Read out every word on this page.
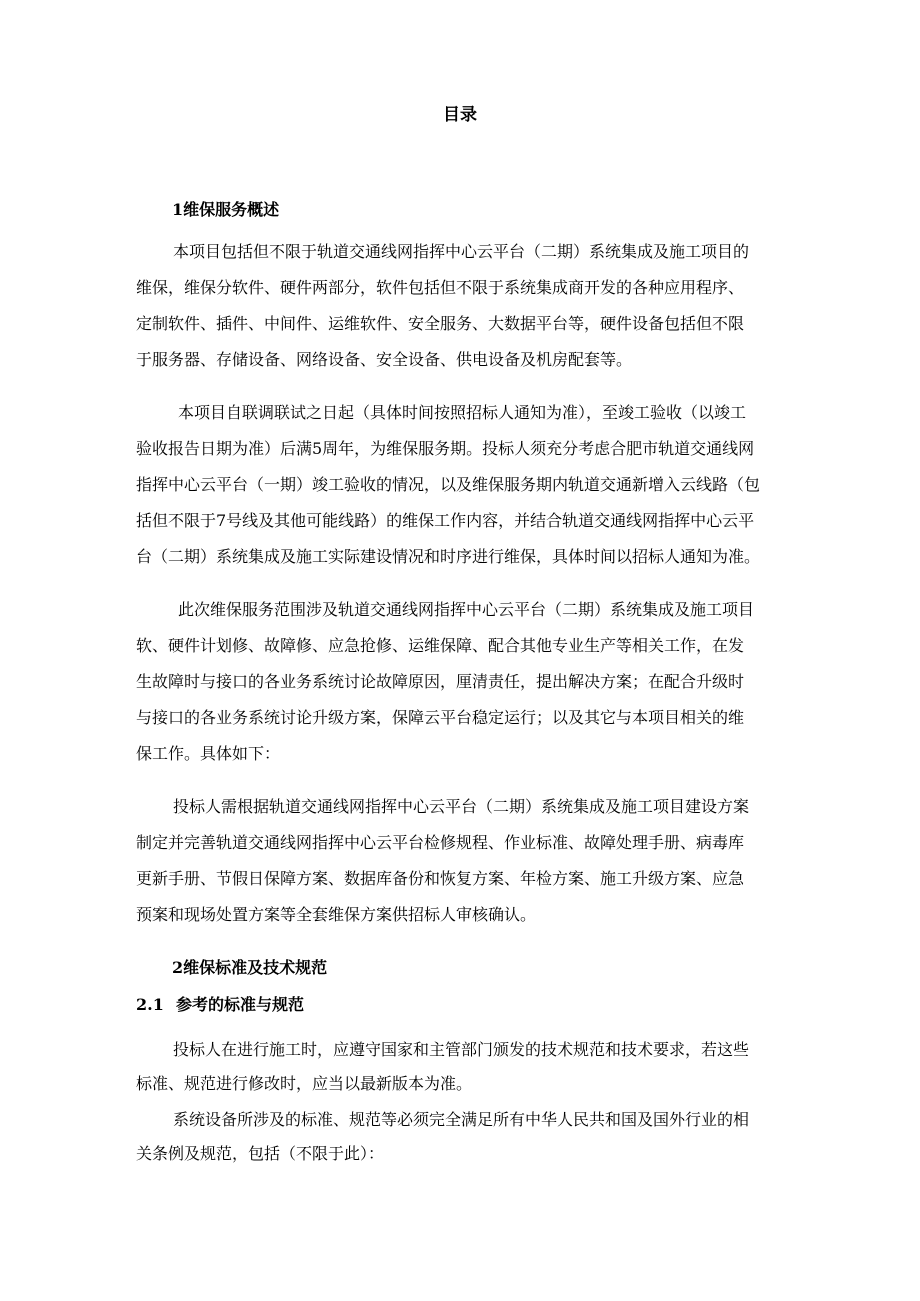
目录
1维保服务概述
本项目包括但不限于轨道交通线网指挥中心云平台（二期）系统集成及施工项目的
维保，维保分软件、硬件两部分，软件包括但不限于系统集成商开发的各种应用程序、
定制软件、插件、中间件、运维软件、安全服务、大数据平台等，硬件设备包括但不限
于服务器、存储设备、网络设备、安全设备、供电设备及机房配套等。
本项目自联调联试之日起（具体时间按照招标人通知为准），至竣工验收（以竣工
验收报告日期为准）后满5周年，为维保服务期。投标人须充分考虑合肥市轨道交通线网
指挥中心云平台（一期）竣工验收的情况，以及维保服务期内轨道交通新增入云线路（包
括但不限于7号线及其他可能线路）的维保工作内容，并结合轨道交通线网指挥中心云平
台（二期）系统集成及施工实际建设情况和时序进行维保，具体时间以招标人通知为准。
此次维保服务范围涉及轨道交通线网指挥中心云平台（二期）系统集成及施工项目
软、硬件计划修、故障修、应急抢修、运维保障、配合其他专业生产等相关工作，在发
生故障时与接口的各业务系统讨论故障原因，厘清责任，提出解决方案；在配合升级时
与接口的各业务系统讨论升级方案，保障云平台稳定运行；以及其它与本项目相关的维
保工作。具体如下：
投标人需根据轨道交通线网指挥中心云平台（二期）系统集成及施工项目建设方案
制定并完善轨道交通线网指挥中心云平台检修规程、作业标准、故障处理手册、病毒库
更新手册、节假日保障方案、数据库备份和恢复方案、年检方案、施工升级方案、应急
预案和现场处置方案等全套维保方案供招标人审核确认。
2维保标准及技术规范
2.1 参考的标准与规范
投标人在进行施工时，应遵守国家和主管部门颁发的技术规范和技术要求，若这些
标准、规范进行修改时，应当以最新版本为准。
系统设备所涉及的标准、规范等必须完全满足所有中华人民共和国及国外行业的相
关条例及规范，包括（不限于此）：
